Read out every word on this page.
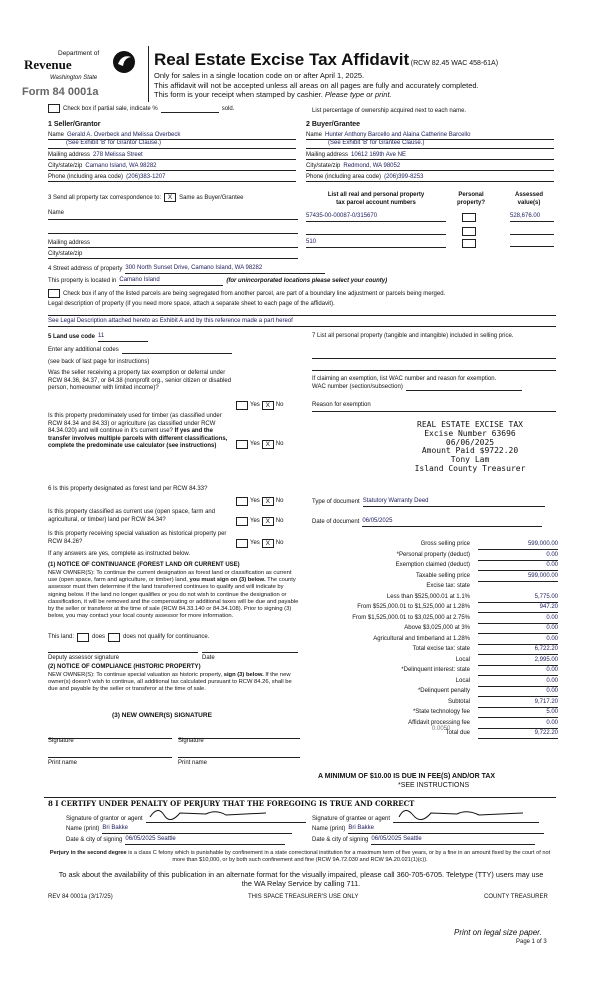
Department of
Revenue
Washington State
Form 84 0001a
Real Estate Excise Tax Affidavit (RCW 82.45 WAC 458-61A)
Only for sales in a single location code on or after April 1, 2025.
This affidavit will not be accepted unless all areas on all pages are fully and accurately completed.
This form is your receipt when stamped by cashier. Please type or print.
Check box if partial sale, indicate %	sold.	List percentage of ownership acquired next to each name.
1 Seller/Grantor
Name Gerald A. Overbeck and Melissa Overbeck
(See Exhibit 'B' for Grantor Clause.)
Mailing address 278 Melissa Street
City/state/zip Camano Island, WA 98282
Phone (including area code) (206)383-1207
2 Buyer/Grantee
Name Hunter Anthony Barcello and Alaina Catherine Barcello
(See Exhibit 'B' for Grantee Clause.)
Mailing address 10612 169th Ave NE
City/state/zip Redmond, WA 98052
Phone (including area code) (206)399-8253
3 Send all property tax correspondence to:	X	Same as Buyer/Grantee
Name
Mailing address
City/state/zip
List all real and personal property
tax parcel account numbers
Personal
property?
Assessed
value(s)
57435-00-00087-0/315670	528,676.00
510
4 Street address of property 300 North Sunset Drive, Camano Island, WA 98282
This property is located in Camano Island	(for unincorporated locations please select your county)
Check box if any of the listed parcels are being segregated from another parcel, are part of a boundary line adjustment or parcels being merged.
Legal description of property (if you need more space, attach a separate sheet to each page of the affidavit).
See Legal Description attached hereto as Exhibit A and by this reference made a part hereof
5 Land use code 11
Enter any additional codes
(see back of last page for instructions)
Was the seller receiving a property tax exemption or deferral under RCW 84.36, 84.37, or 84.38 (nonprofit org., senior citizen or disabled person, homeowner with limited income)?
Yes X No
Is this property predominately used for timber (as classified under RCW 84.34 and 84.33) or agriculture (as classified under RCW 84.34.020) and will continue in it's current use? If yes and the transfer involves multiple parcels with different classifications, complete the predominate use calculator (see instructions)	Yes X No
7 List all personal property (tangible and intangible) included in selling price.
If claiming an exemption, list WAC number and reason for exemption.
WAC number (section/subsection)
Reason for exemption
REAL ESTATE EXCISE TAX
Excise Number 63696
06/06/2025
Amount Paid $9722.20
Tony Lam
Island County Treasurer
6 Is this property designated as forest land per RCW 84.33?
Yes X No
Is this property classified as current use (open space, farm and agricultural, or timber) land per RCW 84.34?	Yes X No
Is this property receiving special valuation as historical property per RCW 84.26?	Yes X No
If any answers are yes, complete as instructed below.
(1) NOTICE OF CONTINUANCE (FOREST LAND OR CURRENT USE)
NEW OWNER(S): To continue the current designation as forest land or classification as current use (open space, farm and agriculture, or timber) land, you must sign on (3) below. The county assessor must then determine if the land transferred continues to qualify and will indicate by signing below. If the land no longer qualifies or you do not wish to continue the designation or classification, it will be removed and the compensating or additional taxes will be due and payable by the seller or transferor at the time of sale (RCW 84.33.140 or 84.34.108). Prior to signing (3) below, you may contact your local county assessor for more information.
This land:	does	does not qualify for continuance.
Deputy assessor signature	Date
(2) NOTICE OF COMPLIANCE (HISTORIC PROPERTY)
NEW OWNER(S): To continue special valuation as historic property, sign (3) below. If the new owner(s) doesn't wish to continue, all additional tax calculated pursuant to RCW 84.26, shall be due and payable by the seller or transferor at the time of sale.
(3) NEW OWNER(S) SIGNATURE
Signature	Signature
Print name	Print name
Type of document Statutory Warranty Deed
Date of document 06/05/2025
Gross selling price	599,000.00
*Personal property (deduct)	0.00
Exemption claimed (deduct)	0.00
Taxable selling price	599,000.00
Excise tax: state
Less than $525,000.01 at 1.1%	5,775.00
From $525,000.01 to $1,525,000 at 1.28%	947.20
From $1,525,000.01 to $3,025,000 at 2.75%	0.00
Above $3,025,000 at 3%	0.00
Agricultural and timberland at 1.28%	0.00
Total excise tax: state	6,722.20
Local	2,995.00
*Delinquent interest: state	0.00
Local	0.00
*Delinquent penalty	0.00
Subtotal	9,717.20
*State technology fee	5.00
Affidavit processing fee	0.00
Total due	9,722.20
0.0050
A MINIMUM OF $10.00 IS DUE IN FEE(S) AND/OR TAX
*SEE INSTRUCTIONS
8 I CERTIFY UNDER PENALTY OF PERJURY THAT THE FOREGOING IS TRUE AND CORRECT
Signature of grantor or agent
Name (print) Bri Bakke
Date & city of signing 06/05/2025 Seattle
Signature of grantee or agent
Name (print) Bri Bakke
Date & city of signing 06/05/2025 Seattle
Perjury in the second degree is a class C felony which is punishable by confinement in a state correctional institution for a maximum term of five years, or by a fine in an amount fixed by the court of not more than $10,000, or by both such confinement and fine (RCW 9A.72.030 and RCW 9A.20.021(1)(c)).
To ask about the availability of this publication in an alternate format for the visually impaired, please call 360-705-6705. Teletype (TTY) users may use the WA Relay Service by calling 711.
REV 84 0001a (3/17/25)	THIS SPACE TREASURER'S USE ONLY	COUNTY TREASURER
Print on legal size paper.
Page 1 of 3
